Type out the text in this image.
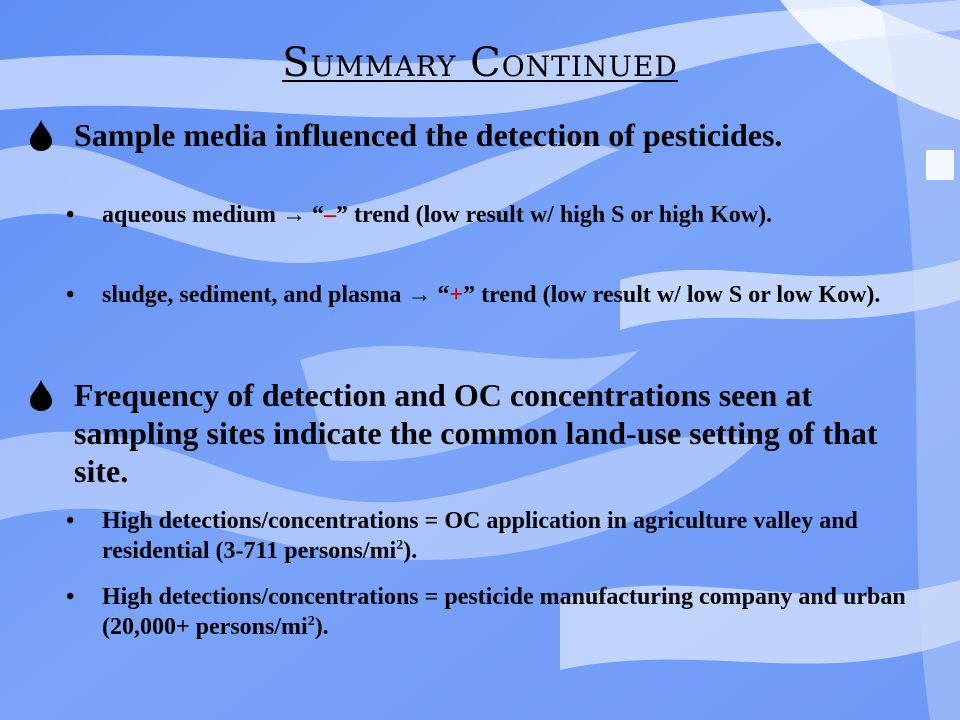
Summary Continued
Sample media influenced the detection of pesticides.
• aqueous medium → “–” trend (low result w/ high S or high Kow).
• sludge, sediment, and plasma → “+” trend (low result w/ low S or low Kow).
Frequency of detection and OC concentrations seen at sampling sites indicate the common land-use setting of that site.
• High detections/concentrations = OC application in agriculture valley and residential (3-711 persons/$mi^2$).
• High detections/concentrations = pesticide manufacturing company and urban (20,000+ persons/$mi^2$).
